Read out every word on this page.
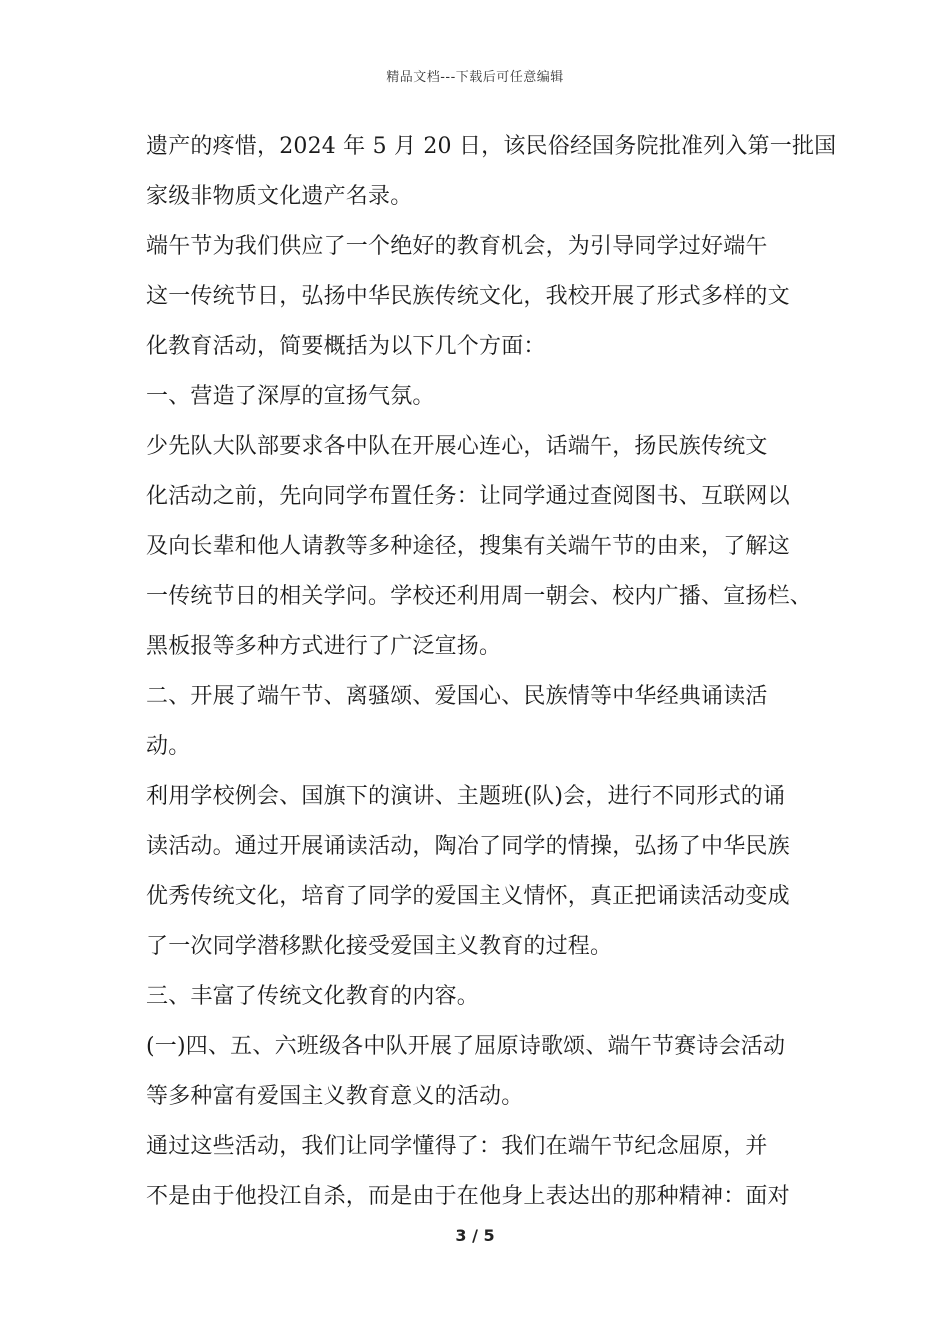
精品文档---下载后可任意编辑
遗产的疼惜，2024 年 5 月 20 日，该民俗经国务院批准列入第一批国
家级非物质文化遗产名录。
端午节为我们供应了一个绝好的教育机会，为引导同学过好端午
这一传统节日，弘扬中华民族传统文化，我校开展了形式多样的文
化教育活动，简要概括为以下几个方面：
一、营造了深厚的宣扬气氛。
少先队大队部要求各中队在开展心连心，话端午，扬民族传统文
化活动之前，先向同学布置任务：让同学通过查阅图书、互联网以
及向长辈和他人请教等多种途径，搜集有关端午节的由来，了解这
一传统节日的相关学问。学校还利用周一朝会、校内广播、宣扬栏、
黑板报等多种方式进行了广泛宣扬。
二、开展了端午节、离骚颂、爱国心、民族情等中华经典诵读活
动。
利用学校例会、国旗下的演讲、主题班(队)会，进行不同形式的诵
读活动。通过开展诵读活动，陶冶了同学的情操，弘扬了中华民族
优秀传统文化，培育了同学的爱国主义情怀，真正把诵读活动变成
了一次同学潜移默化接受爱国主义教育的过程。
三、丰富了传统文化教育的内容。
(一)四、五、六班级各中队开展了屈原诗歌颂、端午节赛诗会活动
等多种富有爱国主义教育意义的活动。
通过这些活动，我们让同学懂得了：我们在端午节纪念屈原，并
不是由于他投江自杀，而是由于在他身上表达出的那种精神：面对
3 / 5
